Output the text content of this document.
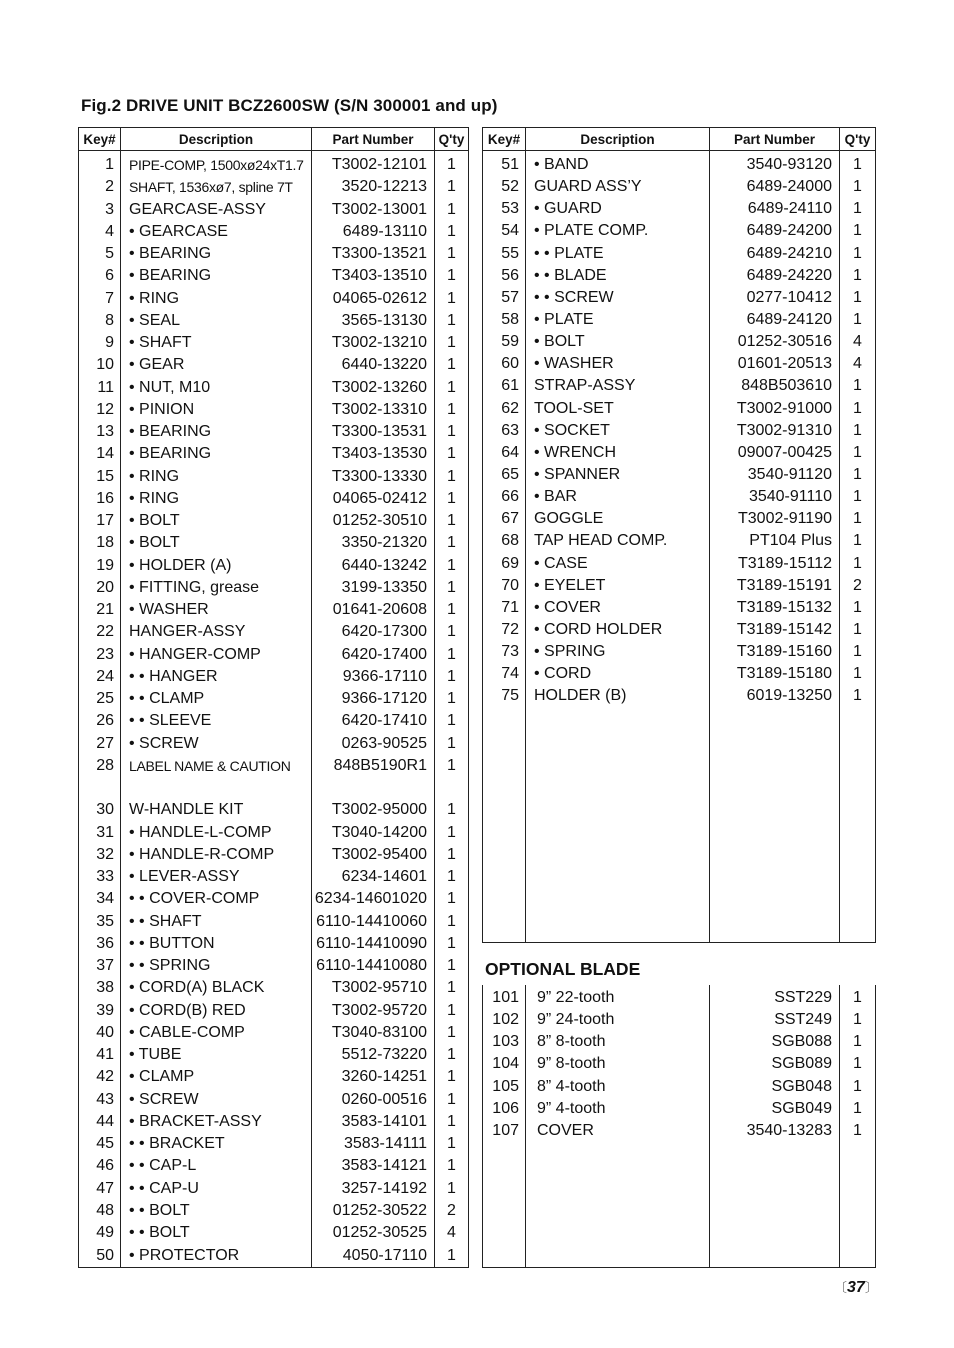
Fig.2 DRIVE UNIT BCZ2600SW (S/N 300001 and up)
Key#	Description	Part Number	Q'ty
1	PIPE-COMP, 1500xø24xT1.7	T3002-12101	1
2	SHAFT, 1536xø7, spline 7T	3520-12213	1
3	GEARCASE-ASSY	T3002-13001	1
4	• GEARCASE	6489-13110	1
5	• BEARING	T3300-13521	1
6	• BEARING	T3403-13510	1
7	• RING	04065-02612	1
8	• SEAL	3565-13130	1
9	• SHAFT	T3002-13210	1
10	• GEAR	6440-13220	1
11	• NUT, M10	T3002-13260	1
12	• PINION	T3002-13310	1
13	• BEARING	T3300-13531	1
14	• BEARING	T3403-13530	1
15	• RING	T3300-13330	1
16	• RING	04065-02412	1
17	• BOLT	01252-30510	1
18	• BOLT	3350-21320	1
19	• HOLDER (A)	6440-13242	1
20	• FITTING, grease	3199-13350	1
21	• WASHER	01641-20608	1
22	HANGER-ASSY	6420-17300	1
23	• HANGER-COMP	6420-17400	1
24	• • HANGER	9366-17110	1
25	• • CLAMP	9366-17120	1
26	• • SLEEVE	6420-17410	1
27	• SCREW	0263-90525	1
28	LABEL NAME & CAUTION	848B5190R1	1

30	W-HANDLE KIT	T3002-95000	1
31	• HANDLE-L-COMP	T3040-14200	1
32	• HANDLE-R-COMP	T3002-95400	1
33	• LEVER-ASSY	6234-14601	1
34	• • COVER-COMP	6234-14601020	1
35	• • SHAFT	6110-14410060	1
36	• • BUTTON	6110-14410090	1
37	• • SPRING	6110-14410080	1
38	• CORD(A) BLACK	T3002-95710	1
39	• CORD(B) RED	T3002-95720	1
40	• CABLE-COMP	T3040-83100	1
41	• TUBE	5512-73220	1
42	• CLAMP	3260-14251	1
43	• SCREW	0260-00516	1
44	• BRACKET-ASSY	3583-14101	1
45	• • BRACKET	3583-14111	1
46	• • CAP-L	3583-14121	1
47	• • CAP-U	3257-14192	1
48	• • BOLT	01252-30522	2
49	• • BOLT	01252-30525	4
50	• PROTECTOR	4050-17110	1
Key#	Description	Part Number	Q'ty
51	• BAND	3540-93120	1
52	GUARD ASS’Y	6489-24000	1
53	• GUARD	6489-24110	1
54	• PLATE COMP.	6489-24200	1
55	• • PLATE	6489-24210	1
56	• • BLADE	6489-24220	1
57	• • SCREW	0277-10412	1
58	• PLATE	6489-24120	1
59	• BOLT	01252-30516	4
60	• WASHER	01601-20513	4
61	STRAP-ASSY	848B503610	1
62	TOOL-SET	T3002-91000	1
63	• SOCKET	T3002-91310	1
64	• WRENCH	09007-00425	1
65	• SPANNER	3540-91120	1
66	• BAR	3540-91110	1
67	GOGGLE	T3002-91190	1
68	TAP HEAD COMP.	PT104 Plus	1
69	• CASE	T3189-15112	1
70	• EYELET	T3189-15191	2
71	• COVER	T3189-15132	1
72	• CORD HOLDER	T3189-15142	1
73	• SPRING	T3189-15160	1
74	• CORD	T3189-15180	1
75	HOLDER (B)	6019-13250	1

OPTIONAL BLADE
101	9” 22-tooth	SST229	1
102	9” 24-tooth	SST249	1
103	8” 8-tooth	SGB088	1
104	9” 8-tooth	SGB089	1
105	8” 4-tooth	SGB048	1
106	9” 4-tooth	SGB049	1
107	COVER	3540-13283	1

〔37〕
